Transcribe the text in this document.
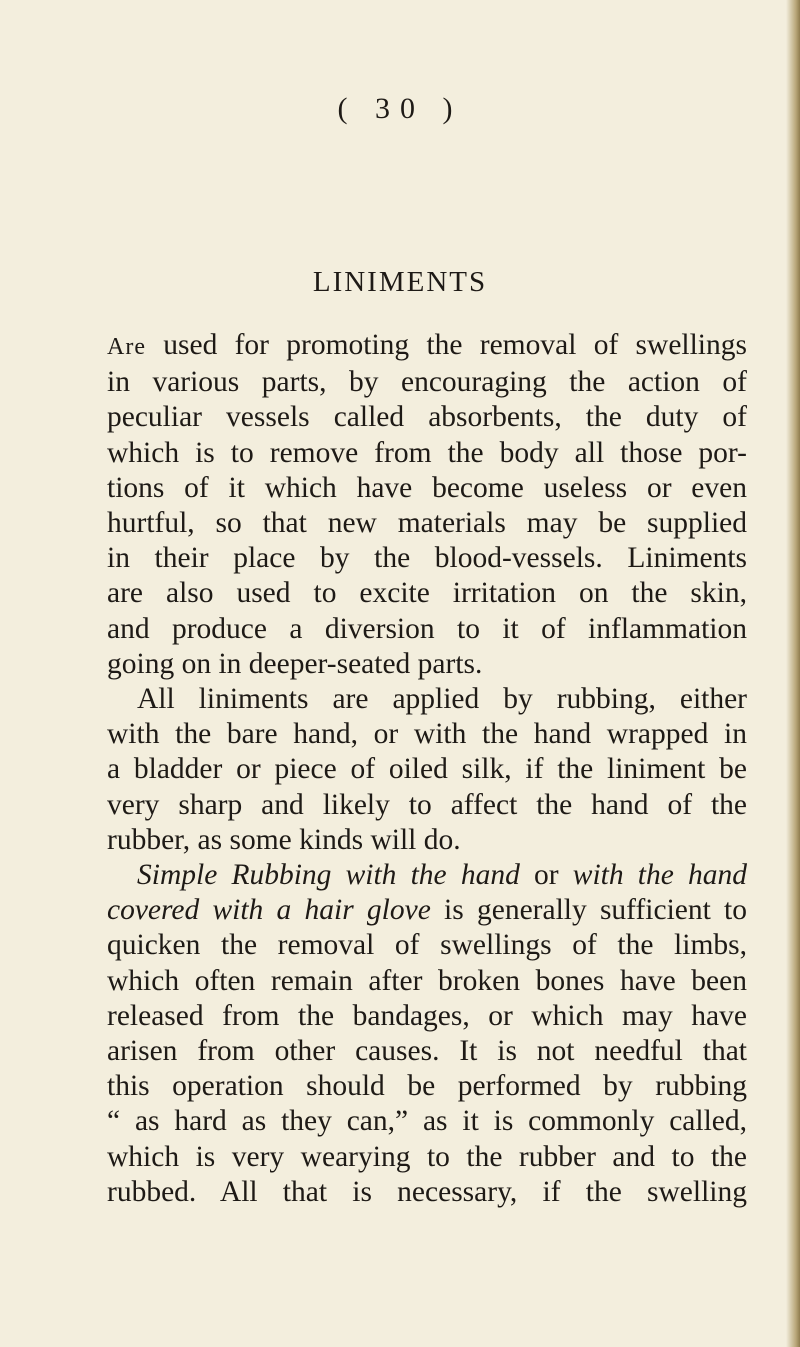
( 30 )
LINIMENTS
Are used for promoting the removal of swellings
in various parts, by encouraging the action of
peculiar vessels called absorbents, the duty of
which is to remove from the body all those por-
tions of it which have become useless or even
hurtful, so that new materials may be supplied
in their place by the blood-vessels. Liniments
are also used to excite irritation on the skin,
and produce a diversion to it of inflammation
going on in deeper-seated parts.
All liniments are applied by rubbing, either
with the bare hand, or with the hand wrapped in
a bladder or piece of oiled silk, if the liniment be
very sharp and likely to affect the hand of the
rubber, as some kinds will do.
Simple Rubbing with the hand or with the hand
covered with a hair glove is generally sufficient to
quicken the removal of swellings of the limbs,
which often remain after broken bones have been
released from the bandages, or which may have
arisen from other causes. It is not needful that
this operation should be performed by rubbing
“ as hard as they can,” as it is commonly called,
which is very wearying to the rubber and to the
rubbed. All that is necessary, if the swelling
